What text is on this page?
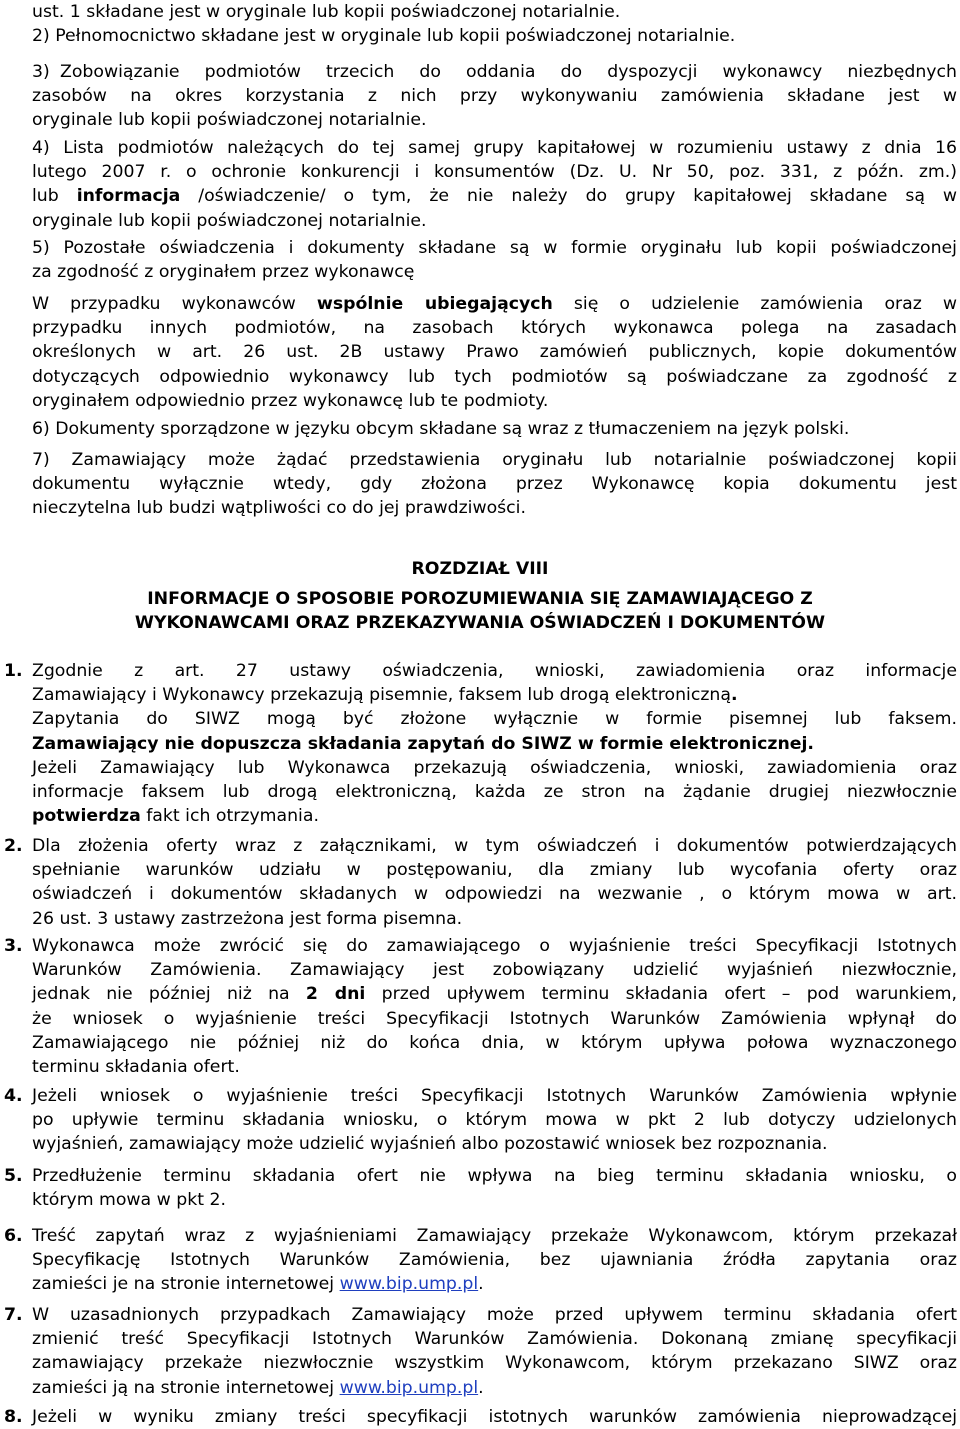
ust. 1 składane jest w oryginale lub kopii poświadczonej notarialnie.
2) Pełnomocnictwo składane jest w oryginale lub kopii poświadczonej notarialnie.
3) Zobowiązanie podmiotów trzecich do oddania do dyspozycji wykonawcy niezbędnych
zasobów na okres korzystania z nich przy wykonywaniu zamówienia składane jest w
oryginale lub kopii poświadczonej notarialnie.
4) Lista podmiotów należących do tej samej grupy kapitałowej w rozumieniu ustawy z dnia 16
lutego 2007 r. o ochronie konkurencji i konsumentów (Dz. U. Nr 50, poz. 331, z późn. zm.)
lub informacja /oświadczenie/ o tym, że nie należy do grupy kapitałowej składane są w
oryginale lub kopii poświadczonej notarialnie.
5) Pozostałe oświadczenia i dokumenty składane są w formie oryginału lub kopii poświadczonej
za zgodność z oryginałem przez wykonawcę
W przypadku wykonawców wspólnie ubiegających się o udzielenie zamówienia oraz w
przypadku innych podmiotów, na zasobach których wykonawca polega na zasadach
określonych w art. 26 ust. 2B ustawy Prawo zamówień publicznych, kopie dokumentów
dotyczących odpowiednio wykonawcy lub tych podmiotów są poświadczane za zgodność z
oryginałem odpowiednio przez wykonawcę lub te podmioty.
6) Dokumenty sporządzone w języku obcym składane są wraz z tłumaczeniem na język polski.
7) Zamawiający może żądać przedstawienia oryginału lub notarialnie poświadczonej kopii
dokumentu wyłącznie wtedy, gdy złożona przez Wykonawcę kopia dokumentu jest
nieczytelna lub budzi wątpliwości co do jej prawdziwości.
ROZDZIAŁ VIII
INFORMACJE O SPOSOBIE POROZUMIEWANIA SIĘ ZAMAWIAJĄCEGO Z
WYKONAWCAMI ORAZ PRZEKAZYWANIA OŚWIADCZEŃ I DOKUMENTÓW
1. Zgodnie z art. 27 ustawy oświadczenia, wnioski, zawiadomienia oraz informacje
Zamawiający i Wykonawcy przekazują pisemnie, faksem lub drogą elektroniczną.
Zapytania do SIWZ mogą być złożone wyłącznie w formie pisemnej lub faksem.
Zamawiający nie dopuszcza składania zapytań do SIWZ w formie elektronicznej.
Jeżeli Zamawiający lub Wykonawca przekazują oświadczenia, wnioski, zawiadomienia oraz
informacje faksem lub drogą elektroniczną, każda ze stron na żądanie drugiej niezwłocznie
potwierdza fakt ich otrzymania.
2. Dla złożenia oferty wraz z załącznikami, w tym oświadczeń i dokumentów potwierdzających
spełnianie warunków udziału w postępowaniu, dla zmiany lub wycofania oferty oraz
oświadczeń i dokumentów składanych w odpowiedzi na wezwanie , o którym mowa w art.
26 ust. 3 ustawy zastrzeżona jest forma pisemna.
3. Wykonawca może zwrócić się do zamawiającego o wyjaśnienie treści Specyfikacji Istotnych
Warunków Zamówienia. Zamawiający jest zobowiązany udzielić wyjaśnień niezwłocznie,
jednak nie później niż na 2 dni przed upływem terminu składania ofert – pod warunkiem,
że wniosek o wyjaśnienie treści Specyfikacji Istotnych Warunków Zamówienia wpłynął do
Zamawiającego nie później niż do końca dnia, w którym upływa połowa wyznaczonego
terminu składania ofert.
4. Jeżeli wniosek o wyjaśnienie treści Specyfikacji Istotnych Warunków Zamówienia wpłynie
po upływie terminu składania wniosku, o którym mowa w pkt 2 lub dotyczy udzielonych
wyjaśnień, zamawiający może udzielić wyjaśnień albo pozostawić wniosek bez rozpoznania.
5. Przedłużenie terminu składania ofert nie wpływa na bieg terminu składania wniosku, o
którym mowa w pkt 2.
6. Treść zapytań wraz z wyjaśnieniami Zamawiający przekaże Wykonawcom, którym przekazał
Specyfikację Istotnych Warunków Zamówienia, bez ujawniania źródła zapytania oraz
zamieści je na stronie internetowej www.bip.ump.pl.
7. W uzasadnionych przypadkach Zamawiający może przed upływem terminu składania ofert
zmienić treść Specyfikacji Istotnych Warunków Zamówienia. Dokonaną zmianę specyfikacji
zamawiający przekaże niezwłocznie wszystkim Wykonawcom, którym przekazano SIWZ oraz
zamieści ją na stronie internetowej www.bip.ump.pl.
8. Jeżeli w wyniku zmiany treści specyfikacji istotnych warunków zamówienia nieprowadzącej
